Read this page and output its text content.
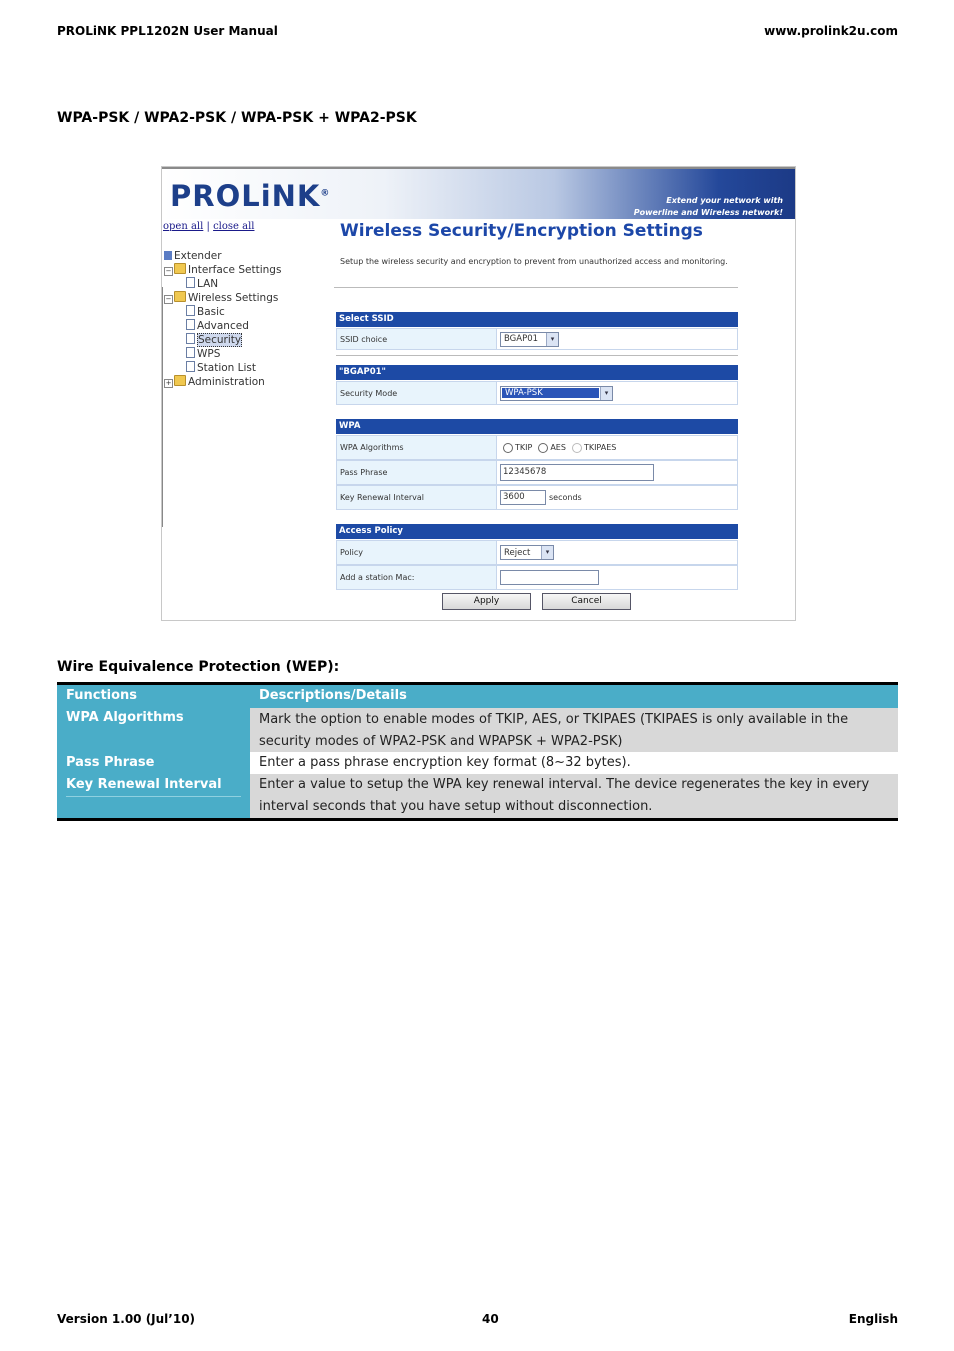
PROLiNK PPL1202N User Manual	www.prolink2u.com
WPA-PSK / WPA2-PSK / WPA-PSK + WPA2-PSK
PROLiNK®
Extend your network with
Powerline and Wireless network!
open all | close all
Extender
− Interface Settings
LAN
− Wireless Settings
Basic
Advanced
Security
WPS
Station List
+ Administration
Wireless Security/Encryption Settings
Setup the wireless security and encryption to prevent from unauthorized access and monitoring.
Select SSID
SSID choice	BGAP01	▾
"BGAP01"
Security Mode	WPA-PSK	▾
WPA
WPA Algorithms	TKIP AES TKIPAES
Pass Phrase	12345678
Key Renewal Interval	3600	seconds
Access Policy
Policy	Reject	▾
Add a station Mac:
Apply	Cancel
Wire Equivalence Protection (WEP):
Functions	Descriptions/Details
WPA Algorithms	Mark the option to enable modes of TKIP, AES, or TKIPAES (TKIPAES is only available in the security modes of WPA2-PSK and WPAPSK + WPA2-PSK)
Pass Phrase	Enter a pass phrase encryption key format (8~32 bytes).
Key Renewal Interval	Enter a value to setup the WPA key renewal interval. The device regenerates the key in every interval seconds that you have setup without disconnection.
Version 1.00 (Jul’10)	40	English
